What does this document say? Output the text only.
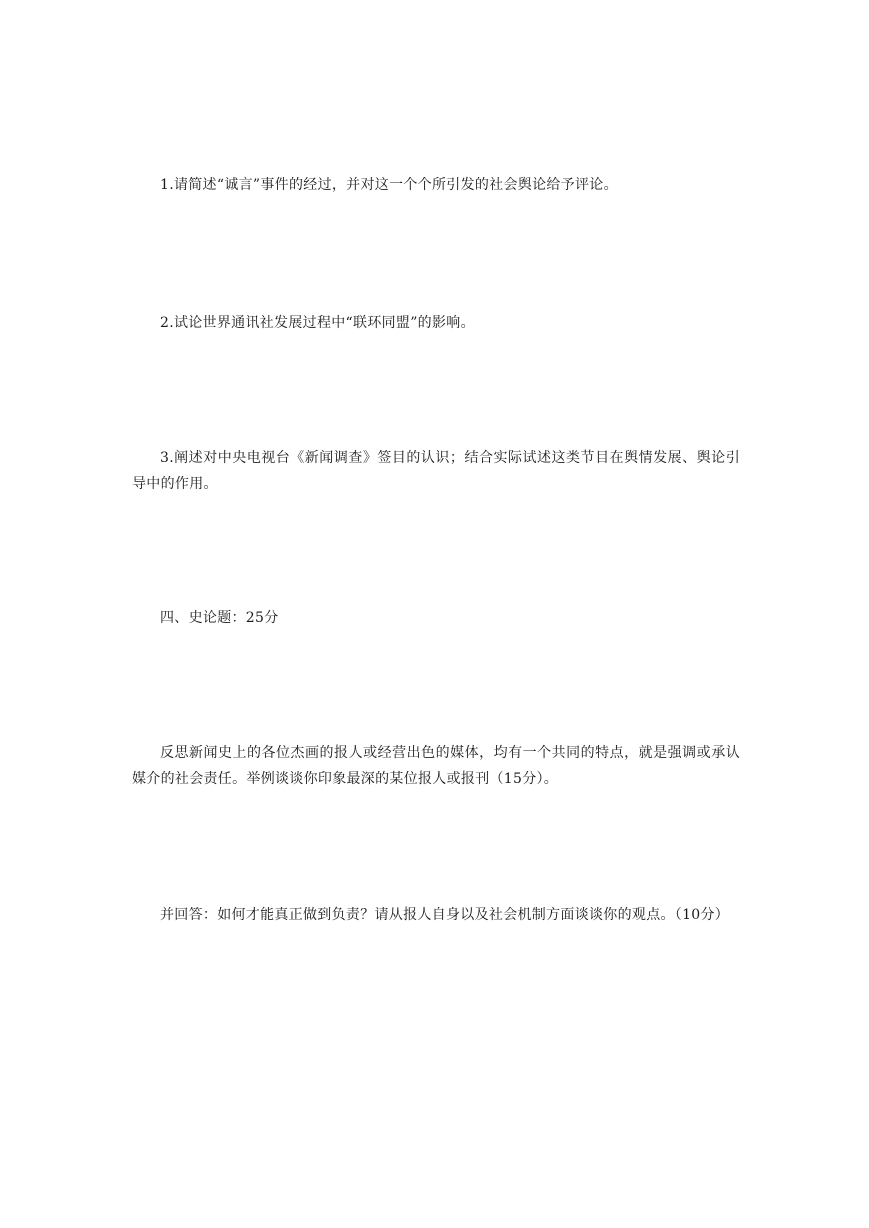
1.请简述“诚言”事件的经过，并对这一个个所引发的社会舆论给予评论。

2.试论世界通讯社发展过程中“联环同盟”的影响。

3.阐述对中央电视台《新闻调查》签目的认识；结合实际试述这类节目在舆情发展、舆论引导中的作用。

四、史论题：25分

反思新闻史上的各位杰画的报人或经营出色的媒体，均有一个共同的特点，就是强调或承认媒介的社会责任。举例谈谈你印象最深的某位报人或报刊（15分）。

并回答：如何才能真正做到负责？请从报人自身以及社会机制方面谈谈你的观点。（10分）
